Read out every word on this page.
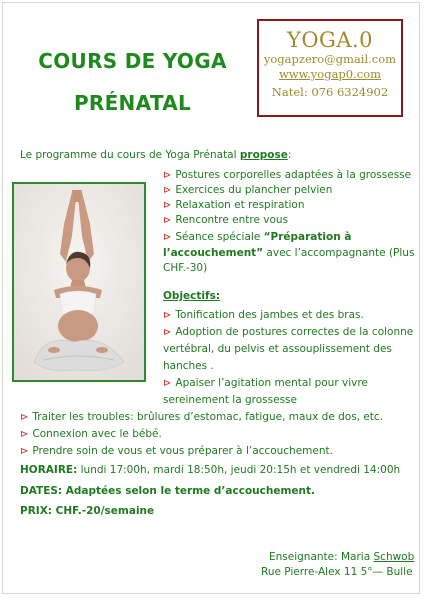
COURS DE YOGA
PRÉNATAL
YOGA.0
yogapzero@gmail.com
www.yogap0.com
Natel: 076 6324902
Le programme du cours de Yoga Prénatal propose:
⊳ Postures corporelles adaptées à la grossesse
⊳ Exercices du plancher pelvien
⊳ Relaxation et respiration
⊳ Rencontre entre vous
⊳ Séance spéciale “Préparation à
l’accouchement” avec l’accompagnante (Plus
CHF.-30)
Objectifs:
⊳ Tonification des jambes et des bras.
⊳ Adoption de postures correctes de la colonne
vertébral, du pelvis et assouplissement des
hanches .
⊳ Apaiser l’agitation mental pour vivre
sereinement la grossesse
⊳ Traiter les troubles: brûlures d’estomac, fatigue, maux de dos, etc.
⊳ Connexion avec le bébé.
⊳ Prendre soin de vous et vous préparer à l’accouchement.
HORAIRE: lundi 17:00h, mardi 18:50h, jeudi 20:15h et vendredi 14:00h
DATES: Adaptées selon le terme d’accouchement.
PRIX: CHF.-20/semaine
Enseignante: Maria Schwob
Rue Pierre-Alex 11 5°— Bulle
